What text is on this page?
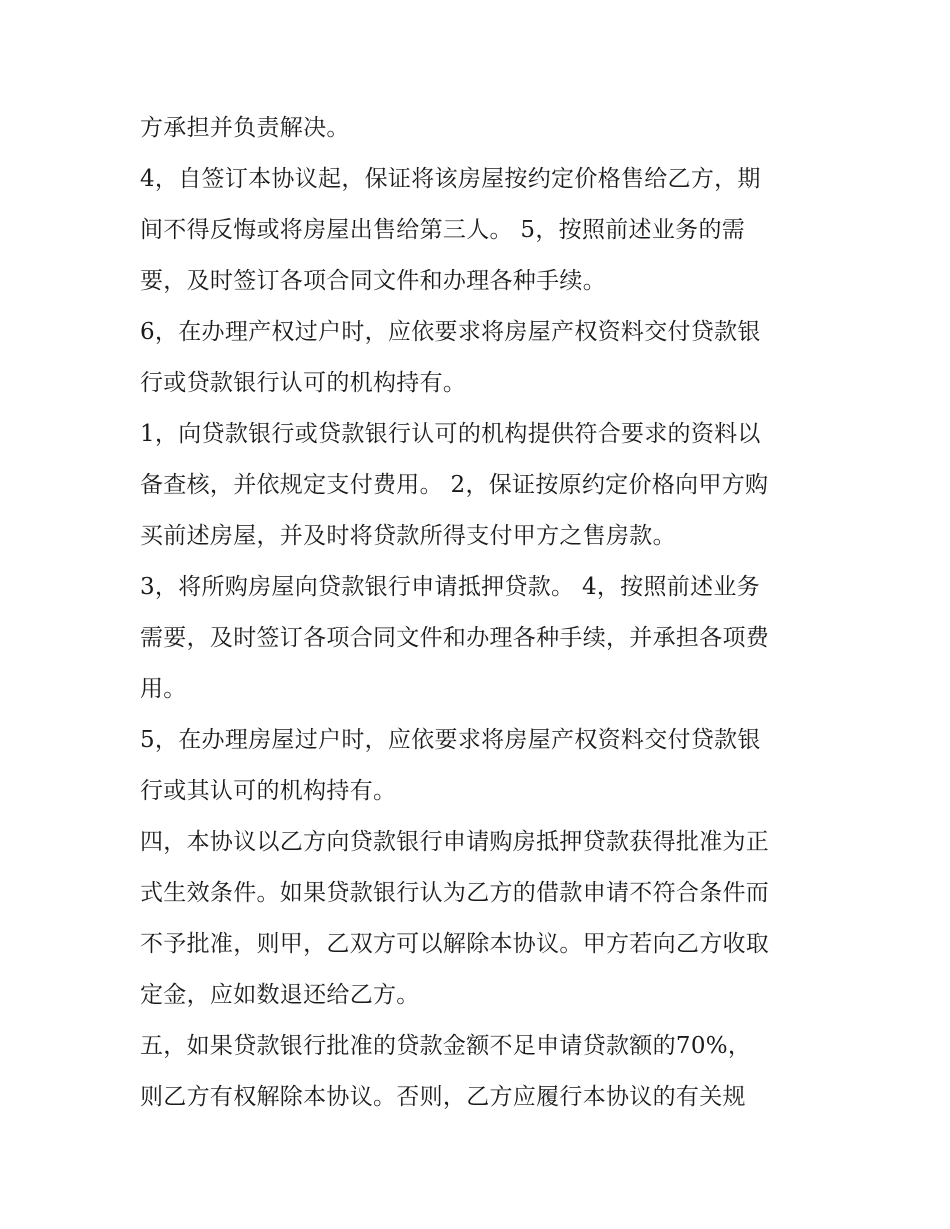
方承担并负责解决。
4，自签订本协议起，保证将该房屋按约定价格售给乙方，期
间不得反悔或将房屋出售给第三人。 5，按照前述业务的需
要，及时签订各项合同文件和办理各种手续。
6，在办理产权过户时，应依要求将房屋产权资料交付贷款银
行或贷款银行认可的机构持有。
1，向贷款银行或贷款银行认可的机构提供符合要求的资料以
备查核，并依规定支付费用。 2，保证按原约定价格向甲方购
买前述房屋，并及时将贷款所得支付甲方之售房款。
3，将所购房屋向贷款银行申请抵押贷款。 4，按照前述业务
需要，及时签订各项合同文件和办理各种手续，并承担各项费
用。
5，在办理房屋过户时，应依要求将房屋产权资料交付贷款银
行或其认可的机构持有。
四，本协议以乙方向贷款银行申请购房抵押贷款获得批准为正
式生效条件。如果贷款银行认为乙方的借款申请不符合条件而
不予批准，则甲，乙双方可以解除本协议。甲方若向乙方收取
定金，应如数退还给乙方。
五，如果贷款银行批准的贷款金额不足申请贷款额的70%，
则乙方有权解除本协议。否则，乙方应履行本协议的有关规
